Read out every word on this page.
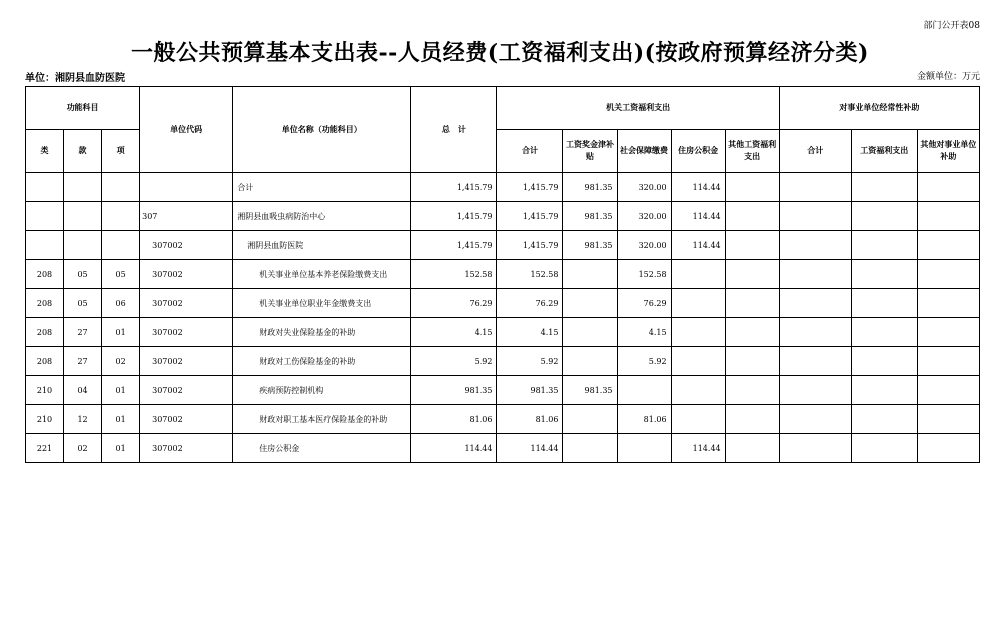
部门公开表08
一般公共预算基本支出表--人员经费(工资福利支出)(按政府预算经济分类)
单位：湘阴县血防医院	金额单位：万元
功能科目			单位代码	单位名称（功能科目）	总　计	机关工资福利支出					对事业单位经常性补助		
类	款	项				合计	工资奖金津补贴	社会保障缴费	住房公积金	其他工资福利支出	合计	工资福利支出	其他对事业单位补助
				合计	1,415.79	1,415.79	981.35	320.00	114.44				
			307	湘阴县血吸虫病防治中心	1,415.79	1,415.79	981.35	320.00	114.44				
			307002	湘阴县血防医院	1,415.79	1,415.79	981.35	320.00	114.44				
208	05	05	307002	机关事业单位基本养老保险缴费支出	152.58	152.58		152.58					
208	05	06	307002	机关事业单位职业年金缴费支出	76.29	76.29		76.29					
208	27	01	307002	财政对失业保险基金的补助	4.15	4.15		4.15					
208	27	02	307002	财政对工伤保险基金的补助	5.92	5.92		5.92					
210	04	01	307002	疾病预防控制机构	981.35	981.35	981.35						
210	12	01	307002	财政对职工基本医疗保险基金的补助	81.06	81.06		81.06					
221	02	01	307002	住房公积金	114.44	114.44			114.44				
